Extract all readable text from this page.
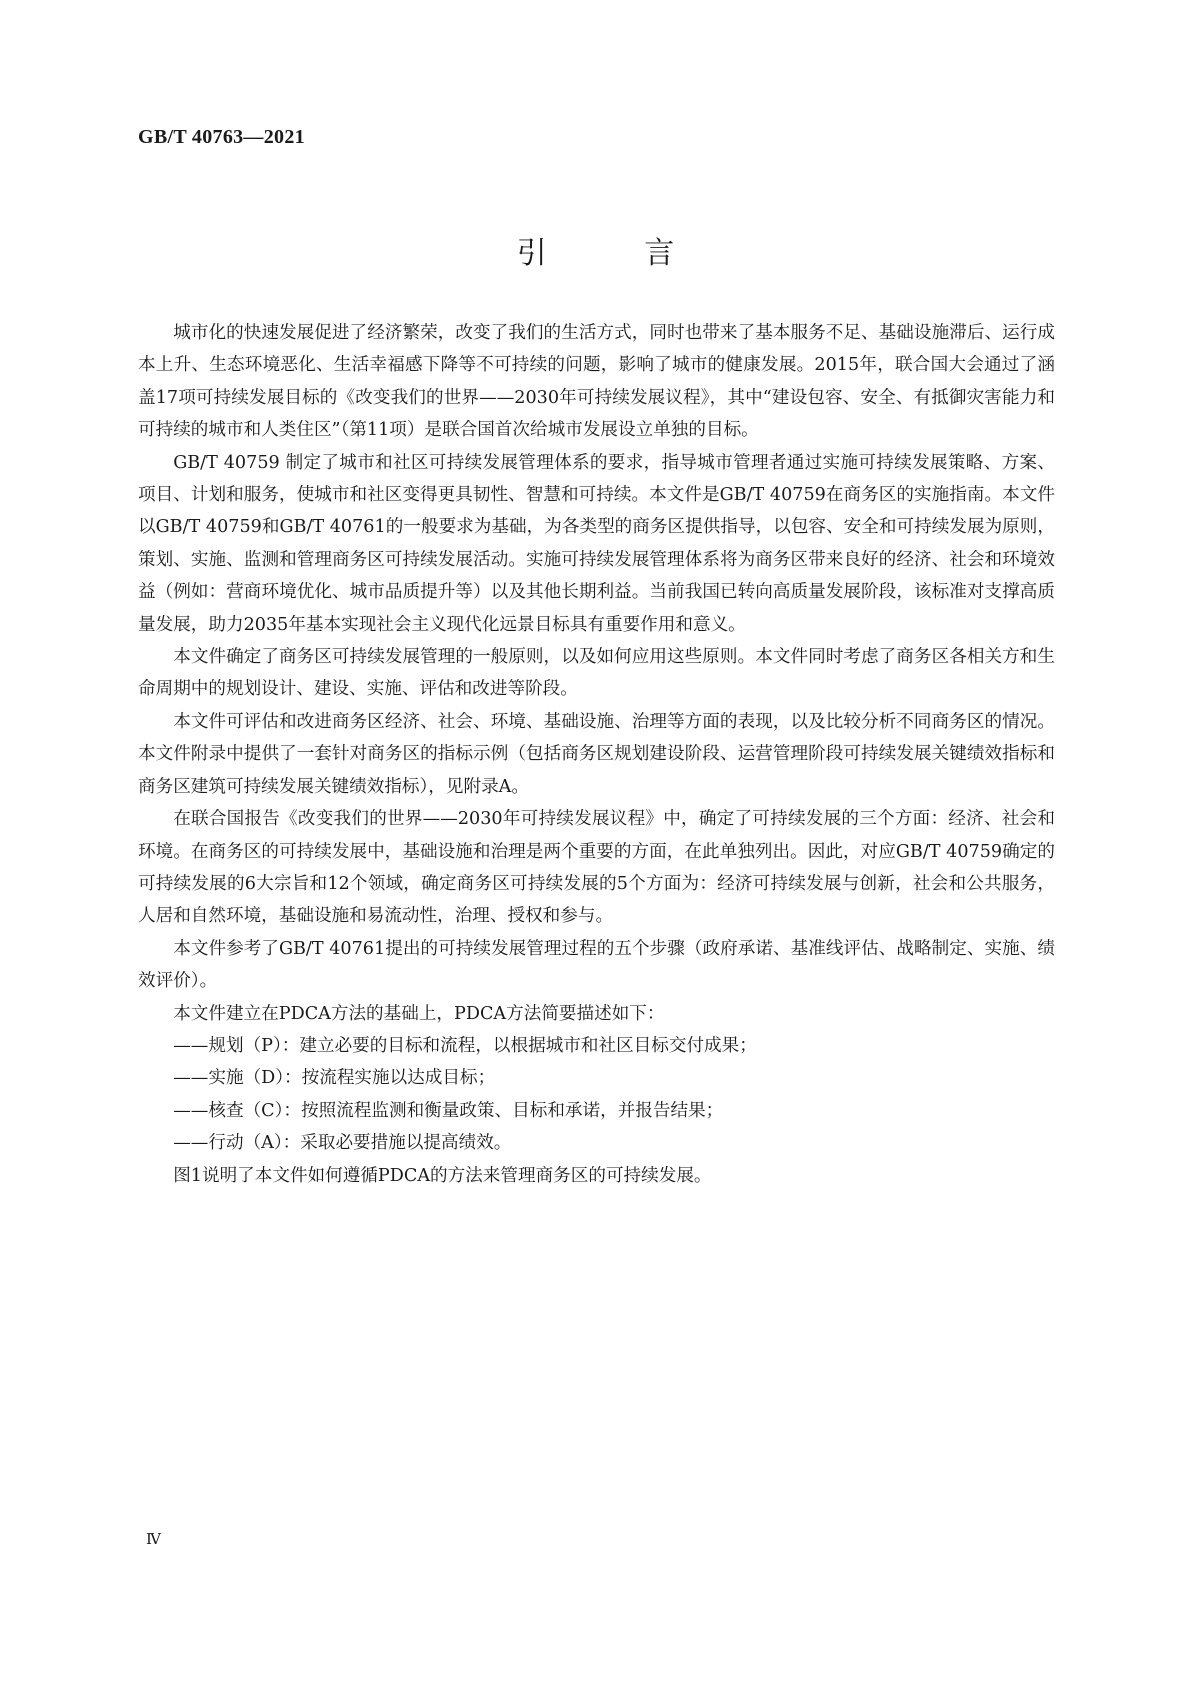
GB/T 40763—2021
引 言

城市化的快速发展促进了经济繁荣，改变了我们的生活方式，同时也带来了基本服务不足、基础设施滞后、运行成本上升、生态环境恶化、生活幸福感下降等不可持续的问题，影响了城市的健康发展。2015年，联合国大会通过了涵盖17项可持续发展目标的《改变我们的世界——2030年可持续发展议程》，其中“建设包容、安全、有抵御灾害能力和可持续的城市和人类住区”（第11项）是联合国首次给城市发展设立单独的目标。

GB/T 40759 制定了城市和社区可持续发展管理体系的要求，指导城市管理者通过实施可持续发展策略、方案、项目、计划和服务，使城市和社区变得更具韧性、智慧和可持续。本文件是GB/T 40759在商务区的实施指南。本文件以GB/T 40759和GB/T 40761的一般要求为基础，为各类型的商务区提供指导，以包容、安全和可持续发展为原则，策划、实施、监测和管理商务区可持续发展活动。实施可持续发展管理体系将为商务区带来良好的经济、社会和环境效益（例如：营商环境优化、城市品质提升等）以及其他长期利益。当前我国已转向高质量发展阶段，该标准对支撑高质量发展，助力2035年基本实现社会主义现代化远景目标具有重要作用和意义。

本文件确定了商务区可持续发展管理的一般原则，以及如何应用这些原则。本文件同时考虑了商务区各相关方和生命周期中的规划设计、建设、实施、评估和改进等阶段。

本文件可评估和改进商务区经济、社会、环境、基础设施、治理等方面的表现，以及比较分析不同商务区的情况。本文件附录中提供了一套针对商务区的指标示例（包括商务区规划建设阶段、运营管理阶段可持续发展关键绩效指标和商务区建筑可持续发展关键绩效指标），见附录A。

在联合国报告《改变我们的世界——2030年可持续发展议程》中，确定了可持续发展的三个方面：经济、社会和环境。在商务区的可持续发展中，基础设施和治理是两个重要的方面，在此单独列出。因此，对应GB/T 40759确定的可持续发展的6大宗旨和12个领域，确定商务区可持续发展的5个方面为：经济可持续发展与创新，社会和公共服务，人居和自然环境，基础设施和易流动性，治理、授权和参与。

本文件参考了GB/T 40761提出的可持续发展管理过程的五个步骤（政府承诺、基准线评估、战略制定、实施、绩效评价）。

本文件建立在PDCA方法的基础上，PDCA方法简要描述如下：

——规划（P）：建立必要的目标和流程，以根据城市和社区目标交付成果；

——实施（D）：按流程实施以达成目标；

——核查（C）：按照流程监测和衡量政策、目标和承诺，并报告结果；

——行动（A）：采取必要措施以提高绩效。

图1说明了本文件如何遵循PDCA的方法来管理商务区的可持续发展。

Ⅳ
